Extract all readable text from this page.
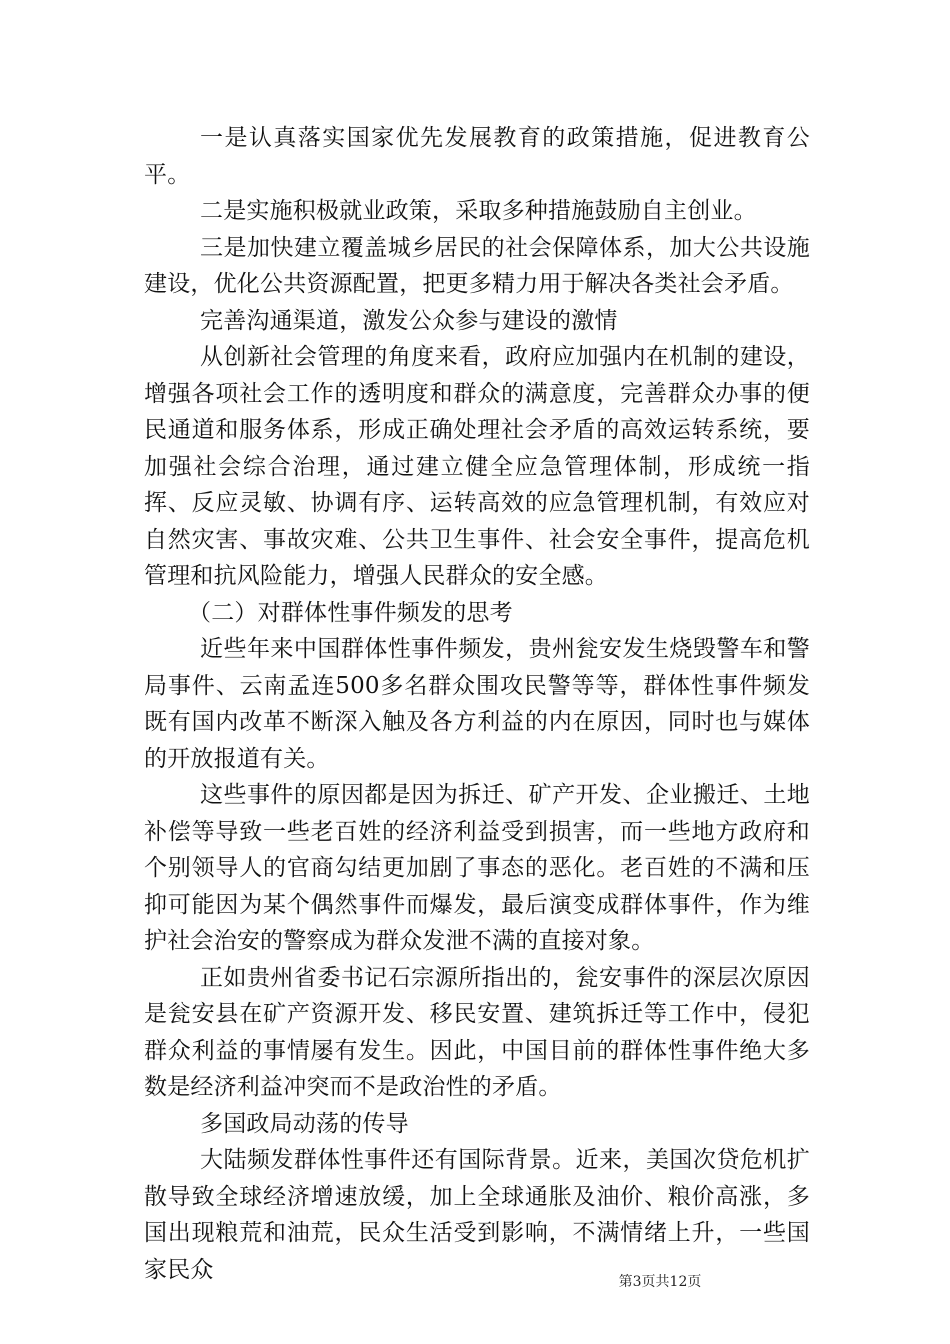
一是认真落实国家优先发展教育的政策措施，促进教育公平。

二是实施积极就业政策，采取多种措施鼓励自主创业。

三是加快建立覆盖城乡居民的社会保障体系，加大公共设施建设，优化公共资源配置，把更多精力用于解决各类社会矛盾。

完善沟通渠道，激发公众参与建设的激情

从创新社会管理的角度来看，政府应加强内在机制的建设，增强各项社会工作的透明度和群众的满意度，完善群众办事的便民通道和服务体系，形成正确处理社会矛盾的高效运转系统，要加强社会综合治理，通过建立健全应急管理体制，形成统一指挥、反应灵敏、协调有序、运转高效的应急管理机制，有效应对自然灾害、事故灾难、公共卫生事件、社会安全事件，提高危机管理和抗风险能力，增强人民群众的安全感。

（二）对群体性事件频发的思考

近些年来中国群体性事件频发，贵州瓮安发生烧毁警车和警局事件、云南孟连500多名群众围攻民警等等，群体性事件频发既有国内改革不断深入触及各方利益的内在原因，同时也与媒体的开放报道有关。

这些事件的原因都是因为拆迁、矿产开发、企业搬迁、土地补偿等导致一些老百姓的经济利益受到损害，而一些地方政府和个别领导人的官商勾结更加剧了事态的恶化。老百姓的不满和压抑可能因为某个偶然事件而爆发，最后演变成群体事件，作为维护社会治安的警察成为群众发泄不满的直接对象。

正如贵州省委书记石宗源所指出的，瓮安事件的深层次原因是瓮安县在矿产资源开发、移民安置、建筑拆迁等工作中，侵犯群众利益的事情屡有发生。因此，中国目前的群体性事件绝大多数是经济利益冲突而不是政治性的矛盾。

多国政局动荡的传导

大陆频发群体性事件还有国际背景。近来，美国次贷危机扩散导致全球经济增速放缓，加上全球通胀及油价、粮价高涨，多国出现粮荒和油荒，民众生活受到影响，不满情绪上升，一些国家民众	第3页共12页
